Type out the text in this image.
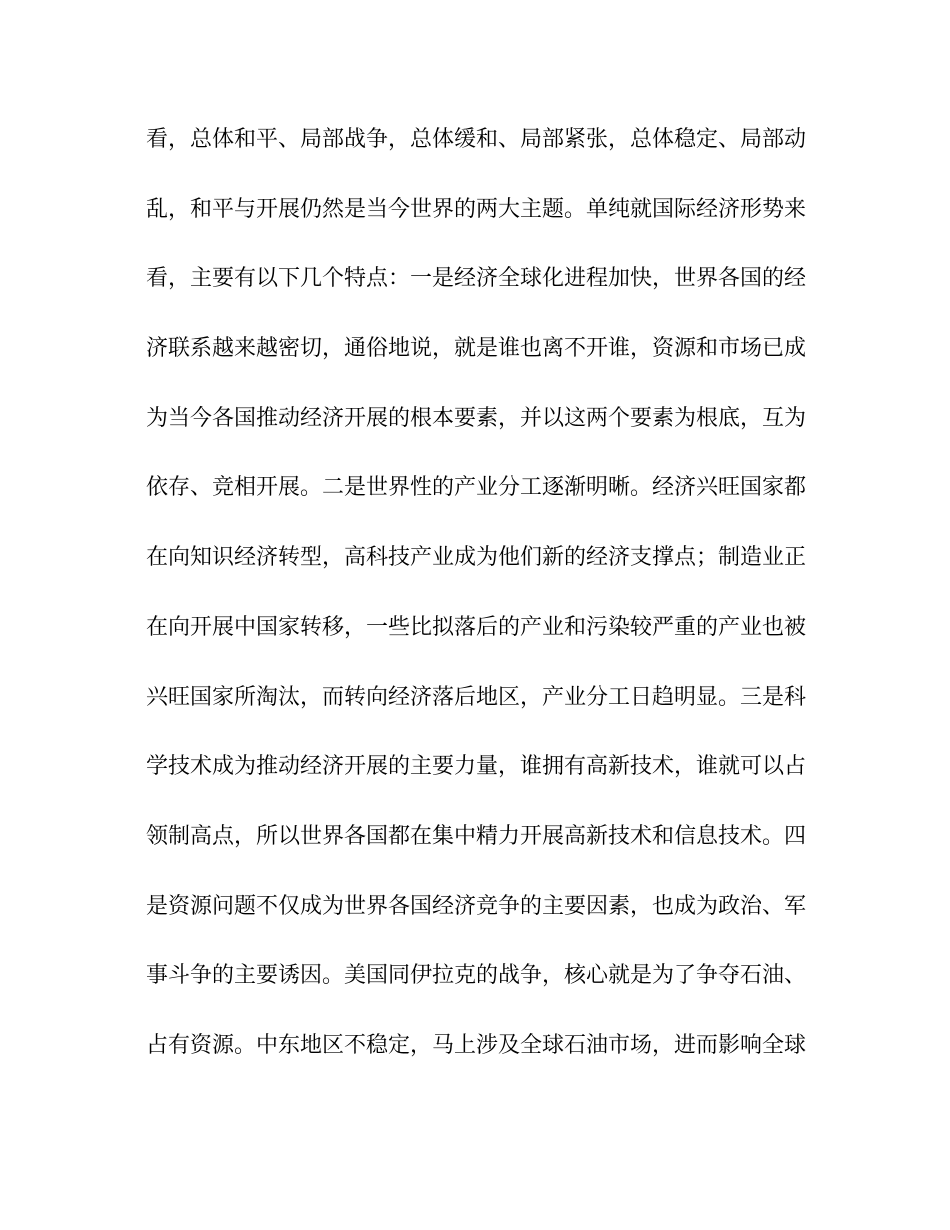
看，总体和平、局部战争，总体缓和、局部紧张，总体稳定、局部动
乱，和平与开展仍然是当今世界的两大主题。单纯就国际经济形势来
看，主要有以下几个特点：一是经济全球化进程加快，世界各国的经
济联系越来越密切，通俗地说，就是谁也离不开谁，资源和市场已成
为当今各国推动经济开展的根本要素，并以这两个要素为根底，互为
依存、竞相开展。二是世界性的产业分工逐渐明晰。经济兴旺国家都
在向知识经济转型，高科技产业成为他们新的经济支撑点；制造业正
在向开展中国家转移，一些比拟落后的产业和污染较严重的产业也被
兴旺国家所淘汰，而转向经济落后地区，产业分工日趋明显。三是科
学技术成为推动经济开展的主要力量，谁拥有高新技术，谁就可以占
领制高点，所以世界各国都在集中精力开展高新技术和信息技术。四
是资源问题不仅成为世界各国经济竞争的主要因素，也成为政治、军
事斗争的主要诱因。美国同伊拉克的战争，核心就是为了争夺石油、
占有资源。中东地区不稳定，马上涉及全球石油市场，进而影响全球
